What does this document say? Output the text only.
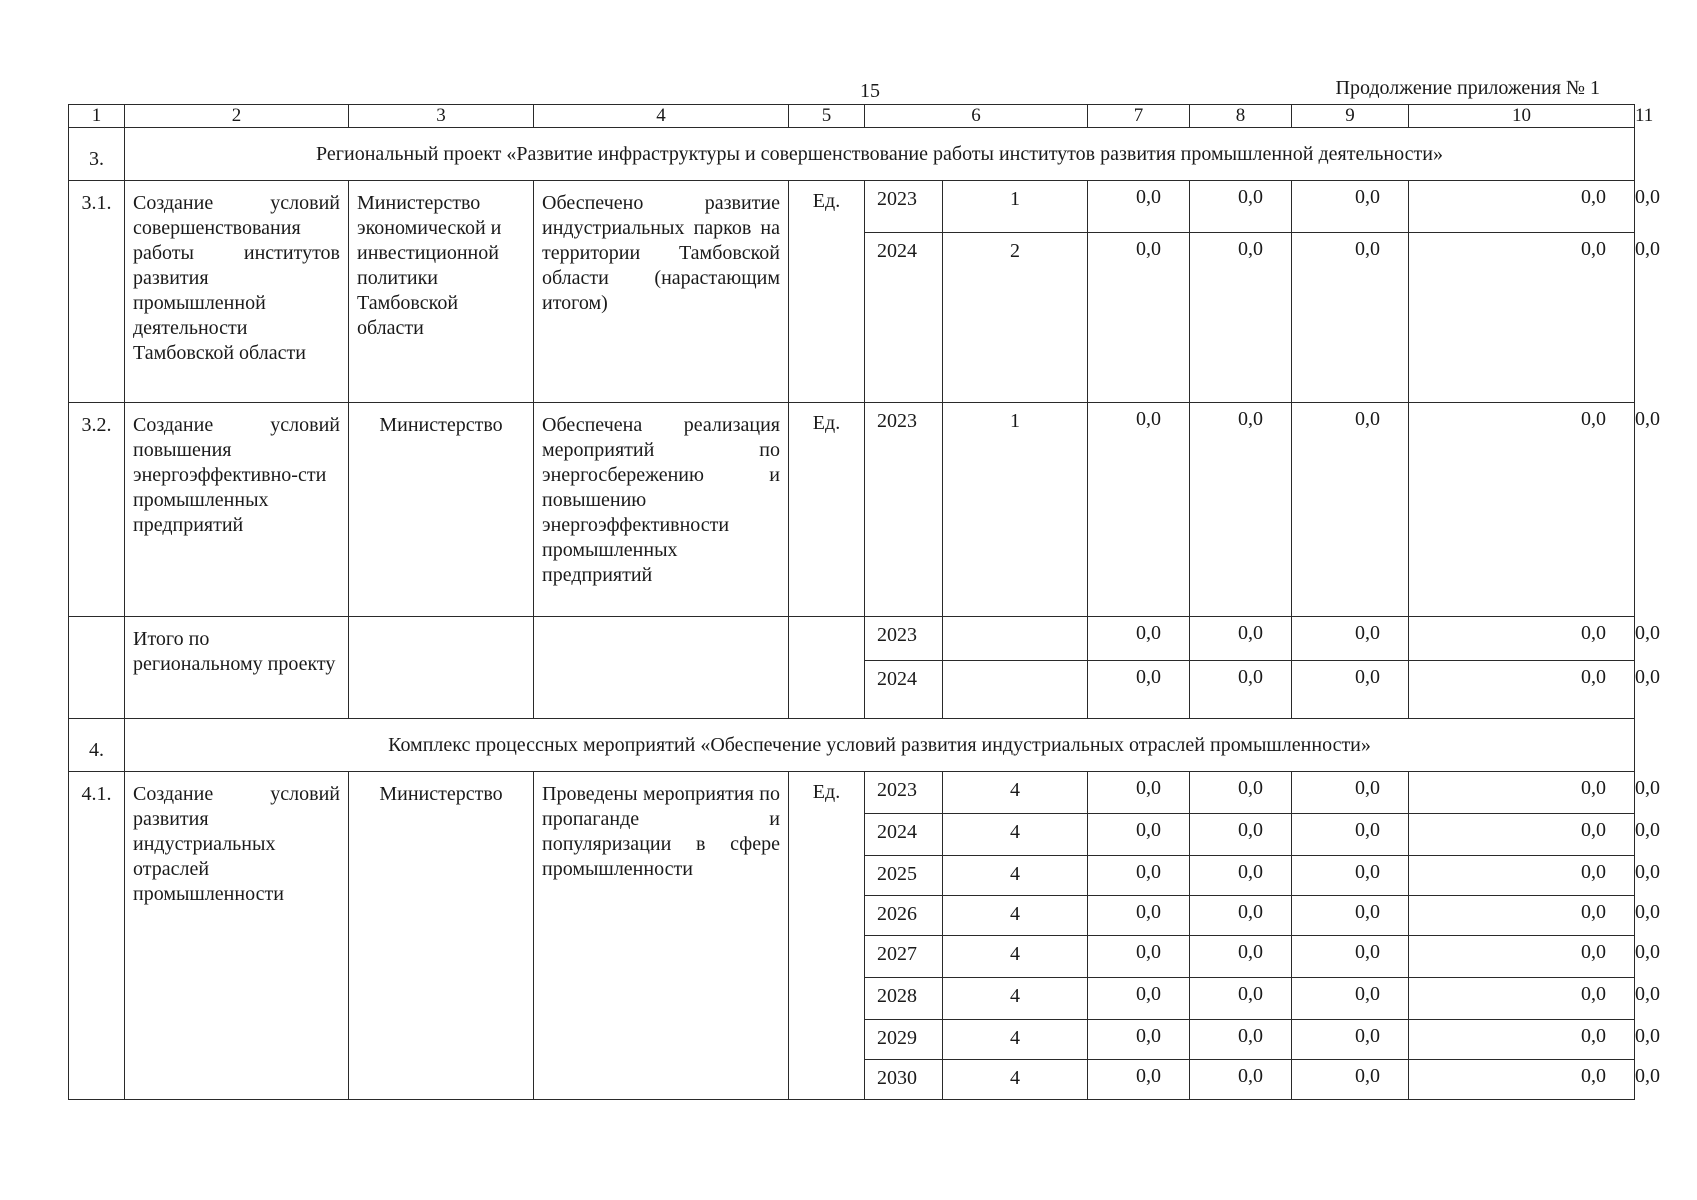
15	Продолжение приложения № 1
1	2	3	4	5	6		7	8	9	10	11
3.	Региональный проект «Развитие инфраструктуры и совершенствование работы институтов развития промышленной деятельности»										
3.1.	Создание условий совершенствования работы институтов развития промышленной деятельности Тамбовской области	Министерство экономической и инвестиционной политики Тамбовской области	Обеспечено развитие индустриальных парков на территории Тамбовской области (нарастающим итогом)	Ед.	2023	1	0,0	0,0	0,0	0,0	0,0
					2024	2	0,0	0,0	0,0	0,0	0,0
3.2.	Создание условий повышения энергоэффективно-сти промышленных предприятий	Министерство	Обеспечена реализация мероприятий по энергосбережению и повышению энергоэффективности промышленных предприятий	Ед.	2023	1	0,0	0,0	0,0	0,0	0,0
	Итого по региональному проекту				2023		0,0	0,0	0,0	0,0	0,0
					2024		0,0	0,0	0,0	0,0	0,0
4.	Комплекс процессных мероприятий «Обеспечение условий развития индустриальных отраслей промышленности»										
4.1.	Создание условий развития индустриальных отраслей промышленности	Министерство	Проведены мероприятия по пропаганде и популяризации в сфере промышленности	Ед.	2023	4	0,0	0,0	0,0	0,0	0,0
					2024	4	0,0	0,0	0,0	0,0	0,0
					2025	4	0,0	0,0	0,0	0,0	0,0
					2026	4	0,0	0,0	0,0	0,0	0,0
					2027	4	0,0	0,0	0,0	0,0	0,0
					2028	4	0,0	0,0	0,0	0,0	0,0
					2029	4	0,0	0,0	0,0	0,0	0,0
					2030	4	0,0	0,0	0,0	0,0	0,0
